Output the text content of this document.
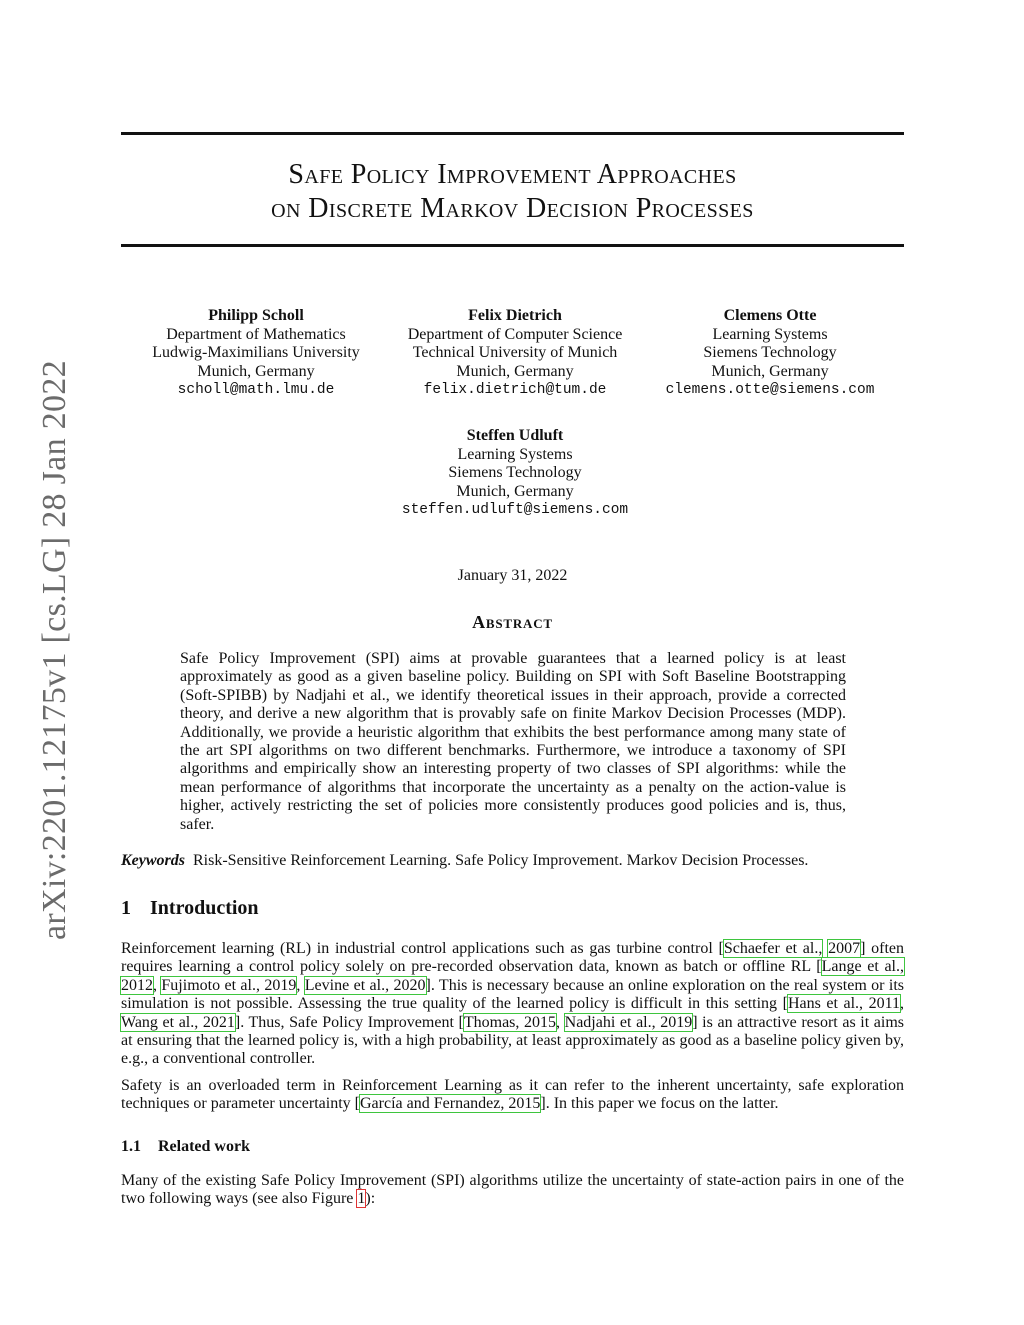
arXiv:2201.12175v1 [cs.LG] 28 Jan 2022
Safe Policy Improvement Approaches
on Discrete Markov Decision Processes
Philipp Scholl
Department of Mathematics
Ludwig-Maximilians University
Munich, Germany
scholl@math.lmu.de
Felix Dietrich
Department of Computer Science
Technical University of Munich
Munich, Germany
felix.dietrich@tum.de
Clemens Otte
Learning Systems
Siemens Technology
Munich, Germany
clemens.otte@siemens.com
Steffen Udluft
Learning Systems
Siemens Technology
Munich, Germany
steffen.udluft@siemens.com
January 31, 2022
Abstract
Safe Policy Improvement (SPI) aims at provable guarantees that a learned policy is at least approximately as good as a given baseline policy. Building on SPI with Soft Baseline Bootstrapping (Soft-SPIBB) by Nadjahi et al., we identify theoretical issues in their approach, provide a corrected theory, and derive a new algorithm that is provably safe on finite Markov Decision Processes (MDP). Additionally, we provide a heuristic algorithm that exhibits the best performance among many state of the art SPI algorithms on two different benchmarks. Furthermore, we introduce a taxonomy of SPI algorithms and empirically show an interesting property of two classes of SPI algorithms: while the mean performance of algorithms that incorporate the uncertainty as a penalty on the action-value is higher, actively restricting the set of policies more consistently produces good policies and is, thus, safer.
Keywords Risk-Sensitive Reinforcement Learning. Safe Policy Improvement. Markov Decision Processes.
1 Introduction
Reinforcement learning (RL) in industrial control applications such as gas turbine control [Schaefer et al., 2007] often requires learning a control policy solely on pre-recorded observation data, known as batch or offline RL [Lange et al., 2012, Fujimoto et al., 2019, Levine et al., 2020]. This is necessary because an online exploration on the real system or its simulation is not possible. Assessing the true quality of the learned policy is difficult in this setting [Hans et al., 2011, Wang et al., 2021]. Thus, Safe Policy Improvement [Thomas, 2015, Nadjahi et al., 2019] is an attractive resort as it aims at ensuring that the learned policy is, with a high probability, at least approximately as good as a baseline policy given by, e.g., a conventional controller.
Safety is an overloaded term in Reinforcement Learning as it can refer to the inherent uncertainty, safe exploration techniques or parameter uncertainty [García and Fernandez, 2015]. In this paper we focus on the latter.
1.1 Related work
Many of the existing Safe Policy Improvement (SPI) algorithms utilize the uncertainty of state-action pairs in one of the two following ways (see also Figure 1):
